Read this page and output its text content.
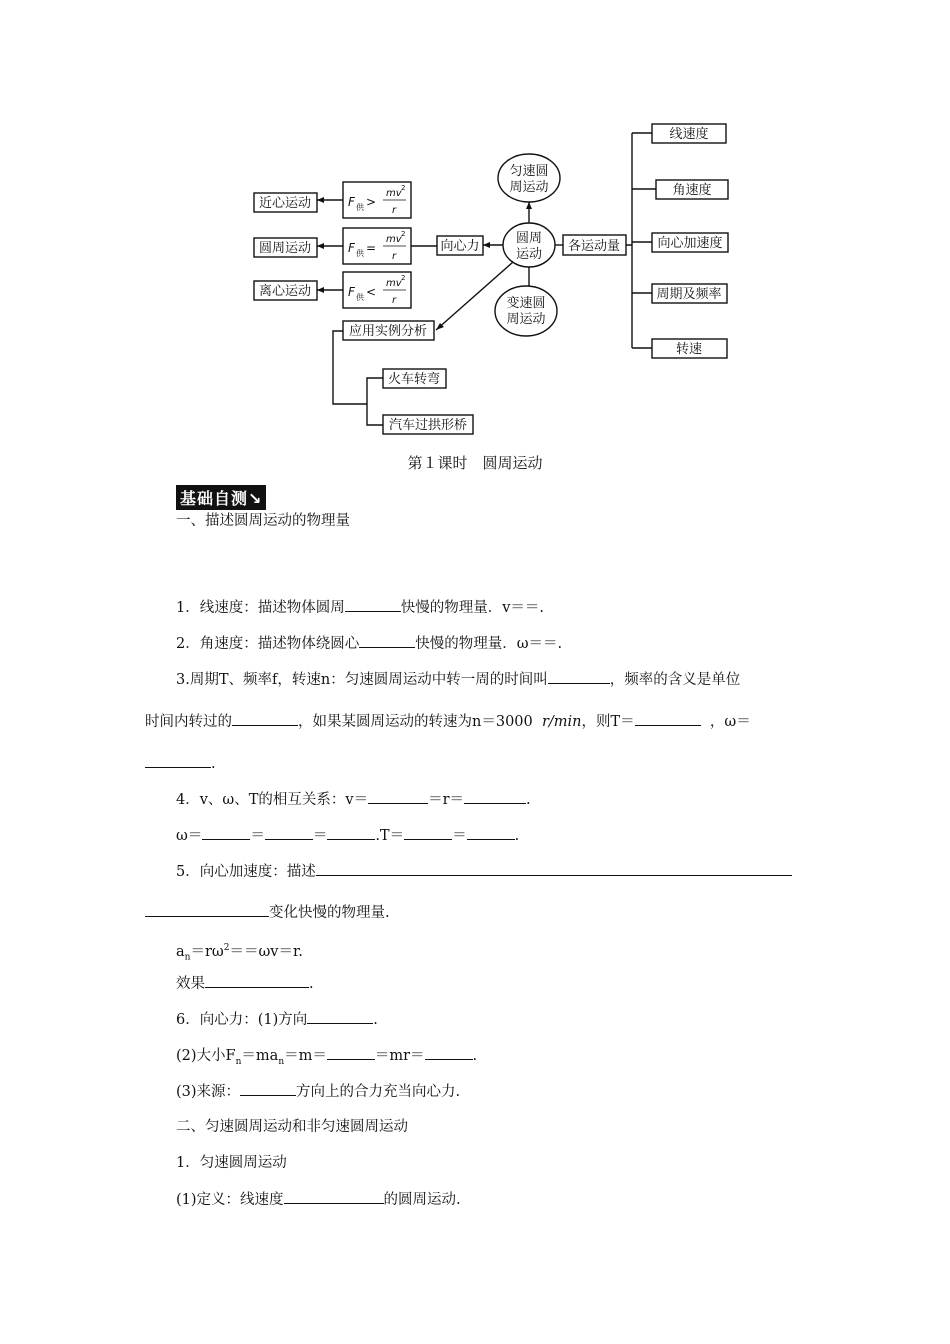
匀速圆
周运动
圆周
运动
变速圆
周运动
各运动量
线速度
角速度
向心加速度
周期及频率
转速
向心力
近心运动
圆周运动
离心运动
应用实例分析
火车转弯
汽车过拱形桥
F 供 >
mv 2
r
F 供 =
mv 2
r
F 供 <
mv 2
r
第１课时　圆周运动
基础自测↘
一、描述圆周运动的物理量
1．线速度：描述物体圆周	快慢的物理量．v＝＝.
2．角速度：描述物体绕圆心	快慢的物理量．ω＝＝.
3.周期T、频率f，转速n：匀速圆周运动中转一周的时间叫	，频率的含义是单位
时间内转过的	，如果某圆周运动的转速为n＝3000 r/min，则T＝	，ω＝
.
4．v、ω、T的相互关系：v＝	＝r＝	.
ω＝	＝	＝	.T＝	＝	.
5．向心加速度：描述
变化快慢的物理量.
$a_n=r\omega^2==\omega v=r$.
效果	.
6．向心力：(1)方向	.
(2)大小$F_n=ma_n=m=$	＝mr＝	.
(3)来源：	方向上的合力充当向心力.
二、匀速圆周运动和非匀速圆周运动
1．匀速圆周运动
(1)定义：线速度	的圆周运动.
